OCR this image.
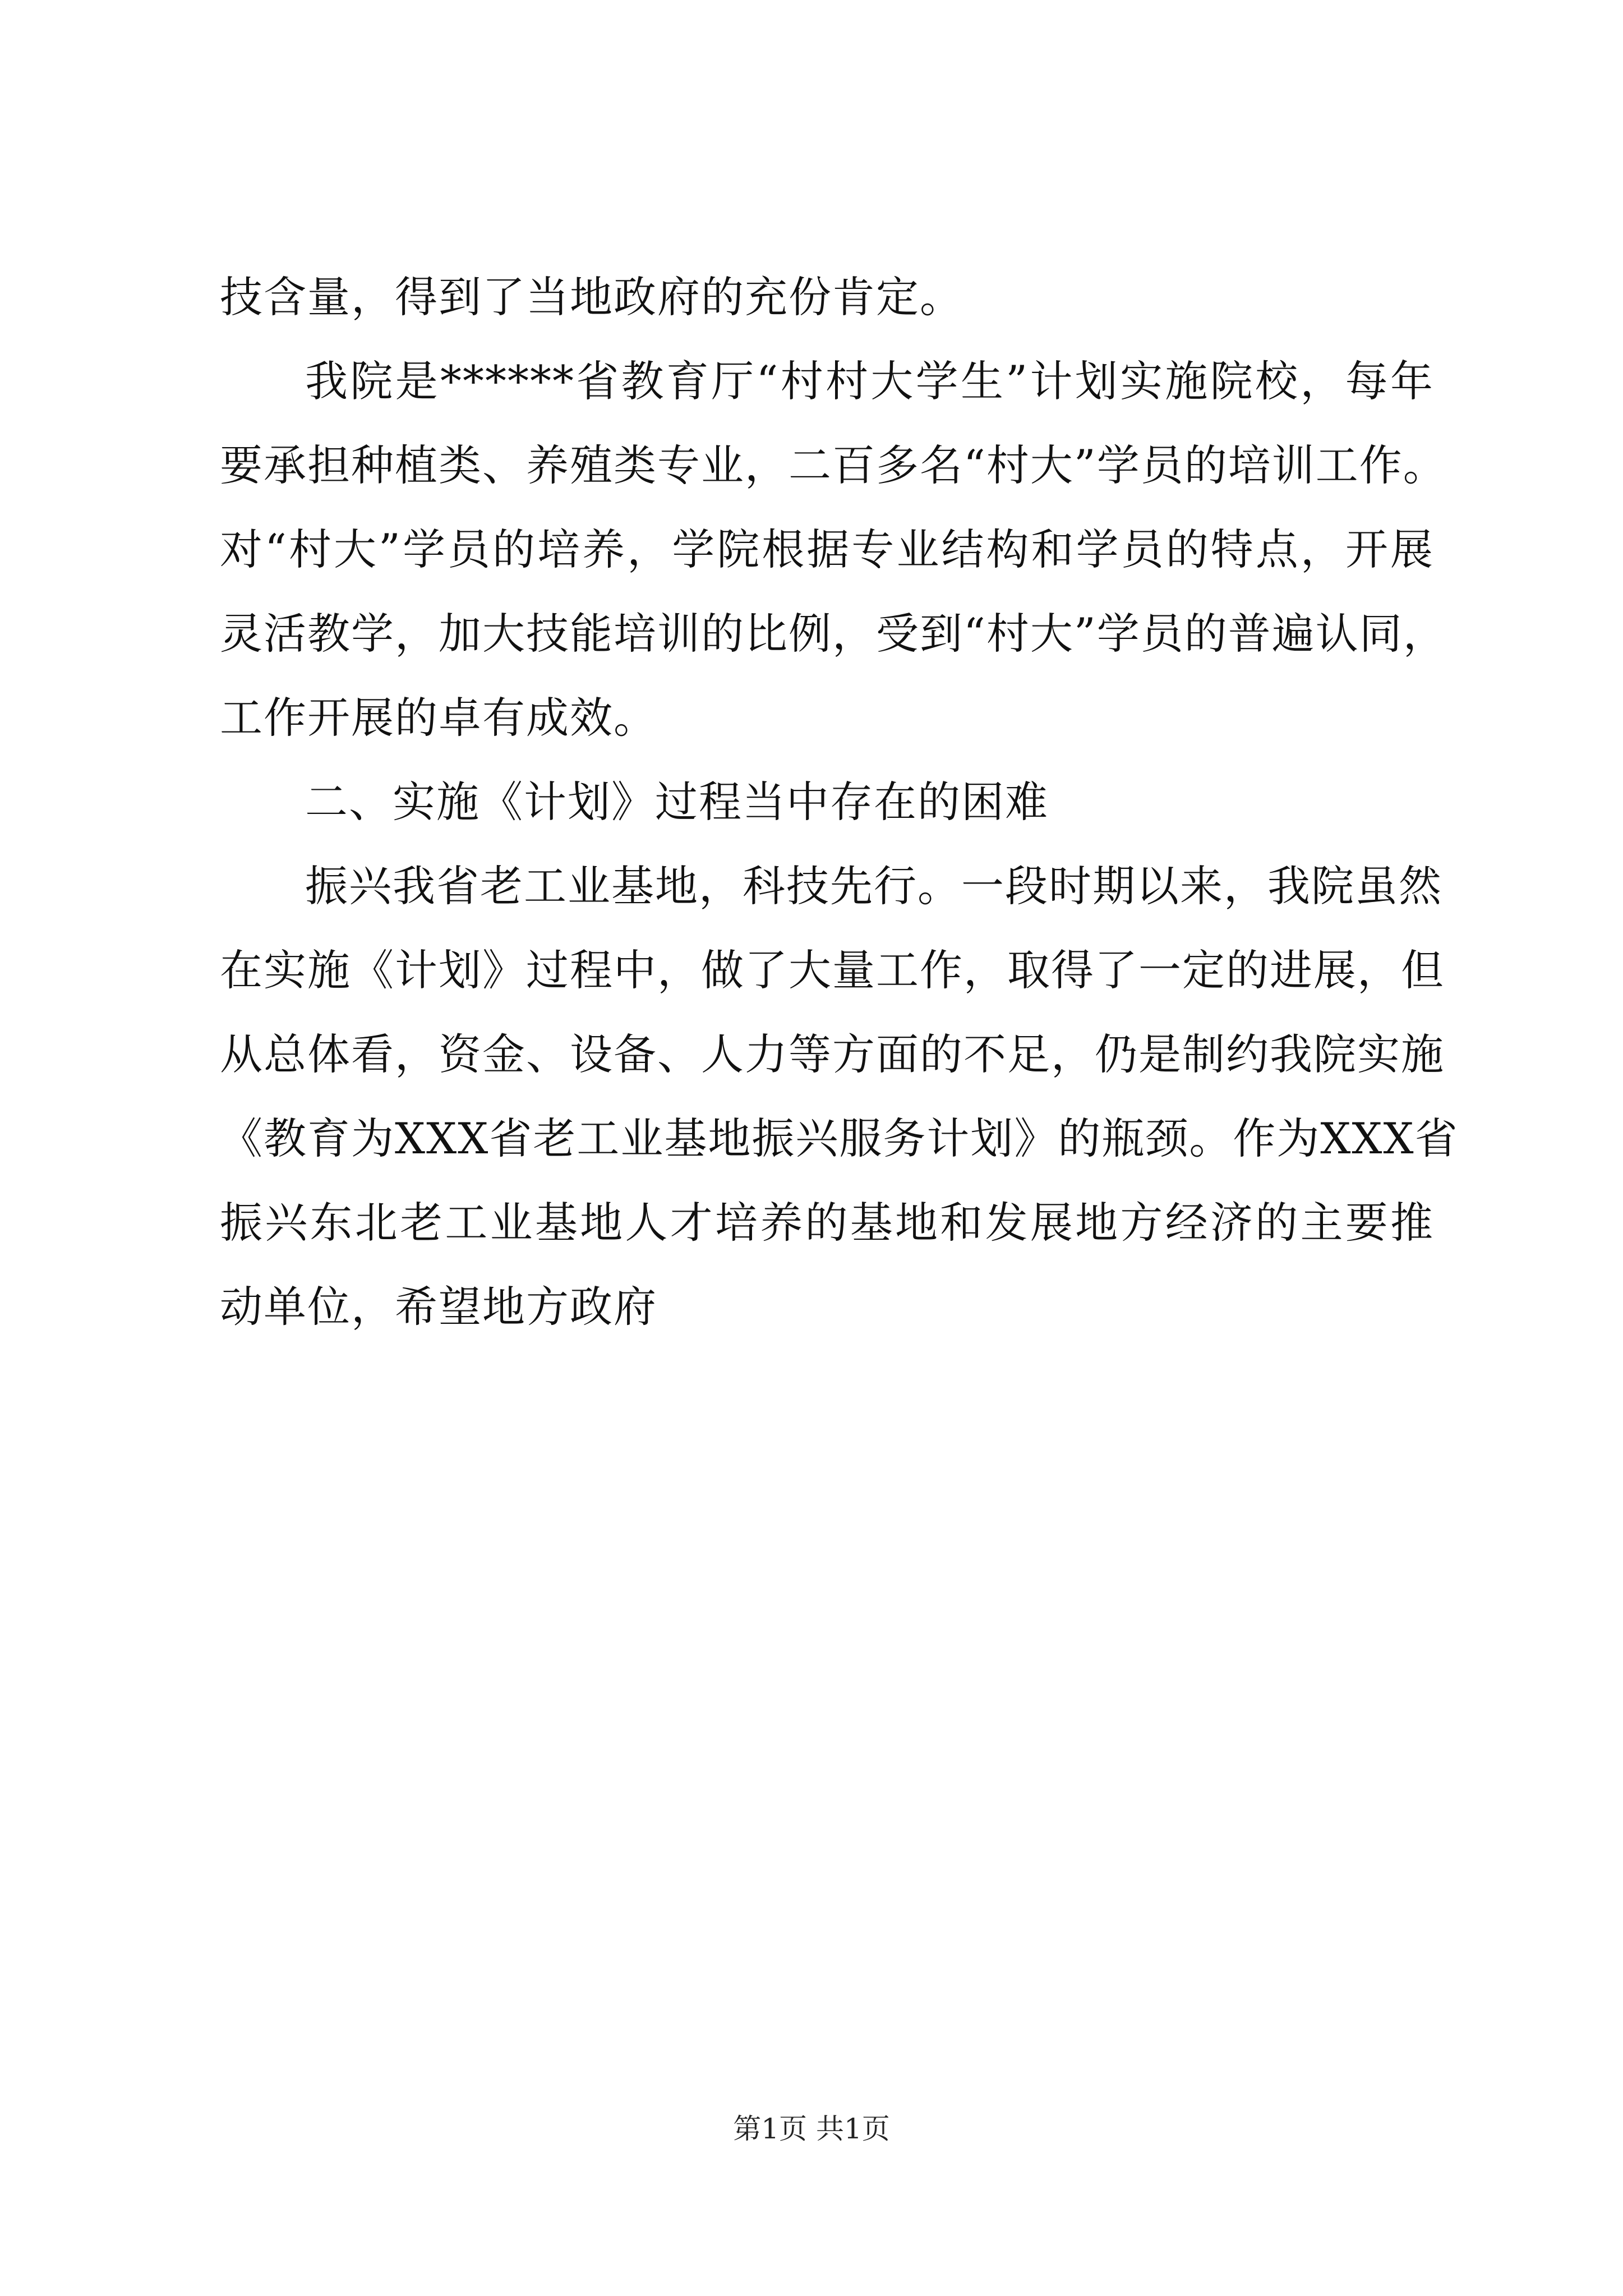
技含量，得到了当地政府的充份肯定。
我院是******省教育厅“村村大学生”计划实施院校，每年
要承担种植类、养殖类专业，二百多名“村大”学员的培训工作。
对“村大”学员的培养，学院根据专业结构和学员的特点，开展
灵活教学，加大技能培训的比例，受到“村大”学员的普遍认同，
工作开展的卓有成效。
二、实施《计划》过程当中存在的困难
振兴我省老工业基地，科技先行。一段时期以来，我院虽然
在实施《计划》过程中，做了大量工作，取得了一定的进展，但
从总体看，资金、设备、人力等方面的不足，仍是制约我院实施
《教育为XXX省老工业基地振兴服务计划》的瓶颈。作为XXX省
振兴东北老工业基地人才培养的基地和发展地方经济的主要推
动单位，希望地方政府
第1页 共1页
